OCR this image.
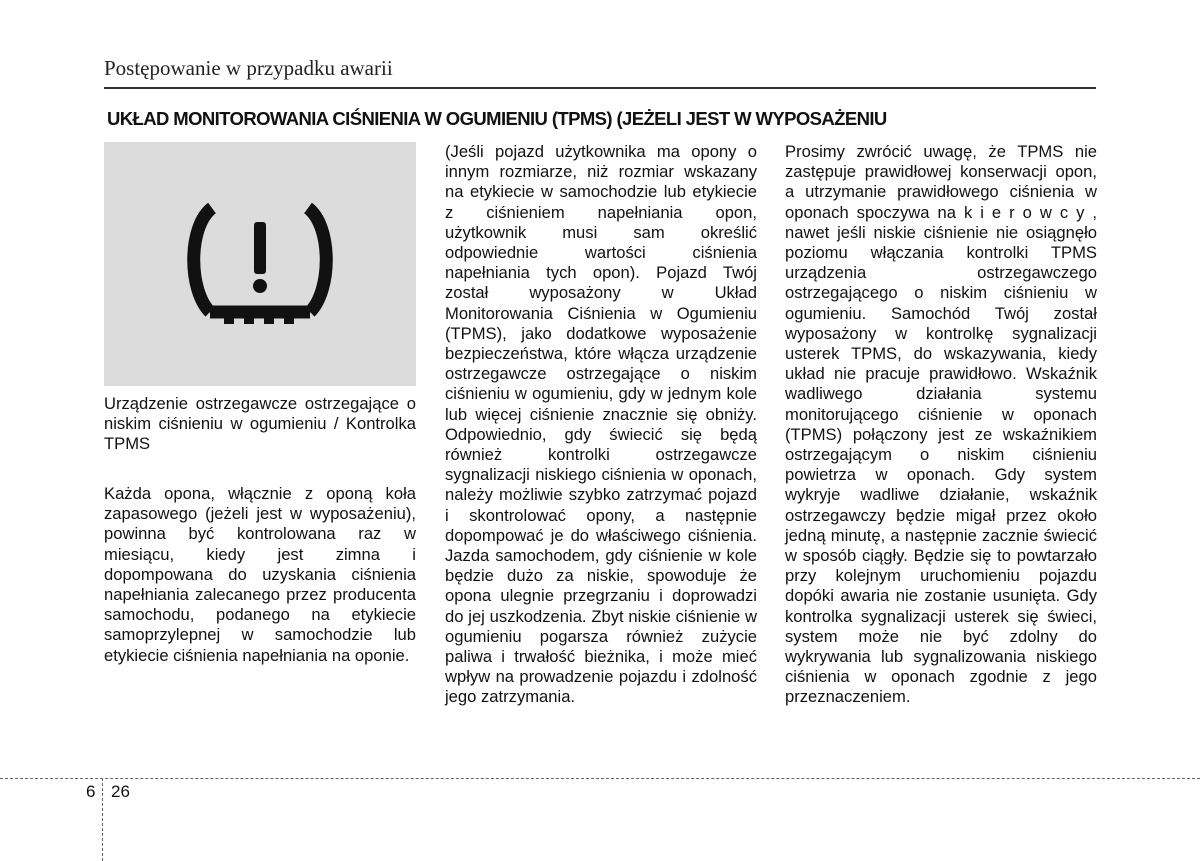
Postępowanie w przypadku awarii
UKŁAD MONITOROWANIA CIŚNIENIA W OGUMIENIU (TPMS) (JEŻELI JEST W WYPOSAŻENIU

Urządzenie ostrzegawcze ostrzegające o niskim ciśnieniu w ogumieniu / Kontrolka TPMS

Każda opona, włącznie z oponą koła zapasowego (jeżeli jest w wyposażeniu), powinna być kontrolowana raz w miesiącu, kiedy jest zimna i dopompowana do uzyskania ciśnienia napełniania zalecanego przez producenta samochodu, podanego na etykiecie samoprzylepnej w samochodzie lub etykiecie ciśnienia napełniania na oponie.

(Jeśli pojazd użytkownika ma opony o innym rozmiarze, niż rozmiar wskazany na etykiecie w samochodzie lub etykiecie z ciśnieniem napełniania opon, użytkownik musi sam określić odpowiednie wartości ciśnienia napełniania tych opon). Pojazd Twój został wyposażony w Układ Monitorowania Ciśnienia w Ogumieniu (TPMS), jako dodatkowe wyposażenie bezpieczeństwa, które włącza urządzenie ostrzegawcze ostrzegające o niskim ciśnieniu w ogumieniu, gdy w jednym kole lub więcej ciśnienie znacznie się obniży. Odpowiednio, gdy świecić się będą również kontrolki ostrzegawcze sygnalizacji niskiego ciśnienia w oponach, należy możliwie szybko zatrzymać pojazd i skontrolować opony, a następnie dopompować je do właściwego ciśnienia. Jazda samochodem, gdy ciśnienie w kole będzie dużo za niskie, spowoduje że opona ulegnie przegrzaniu i doprowadzi do jej uszkodzenia. Zbyt niskie ciśnienie w ogumieniu pogarsza również zużycie paliwa i trwałość bieżnika, i może mieć wpływ na prowadzenie pojazdu i zdolność jego zatrzymania.

Prosimy zwrócić uwagę, że TPMS nie zastępuje prawidłowej konserwacji opon, a utrzymanie prawidłowego ciśnienia w oponach spoczywa na k i e r o w c y , nawet jeśli niskie ciśnienie nie osiągnęło poziomu włączania kontrolki TPMS urządzenia ostrzegawczego ostrzegającego o niskim ciśnieniu w ogumieniu. Samochód Twój został wyposażony w kontrolkę sygnalizacji usterek TPMS, do wskazywania, kiedy układ nie pracuje prawidłowo. Wskaźnik wadliwego działania systemu monitorującego ciśnienie w oponach (TPMS) połączony jest ze wskaźnikiem ostrzegającym o niskim ciśnieniu powietrza w oponach. Gdy system wykryje wadliwe działanie, wskaźnik ostrzegawczy będzie migał przez około jedną minutę, a następnie zacznie świecić w sposób ciągły. Będzie się to powtarzało przy kolejnym uruchomieniu pojazdu dopóki awaria nie zostanie usunięta. Gdy kontrolka sygnalizacji usterek się świeci, system może nie być zdolny do wykrywania lub sygnalizowania niskiego ciśnienia w oponach zgodnie z jego przeznaczeniem.

6 26
